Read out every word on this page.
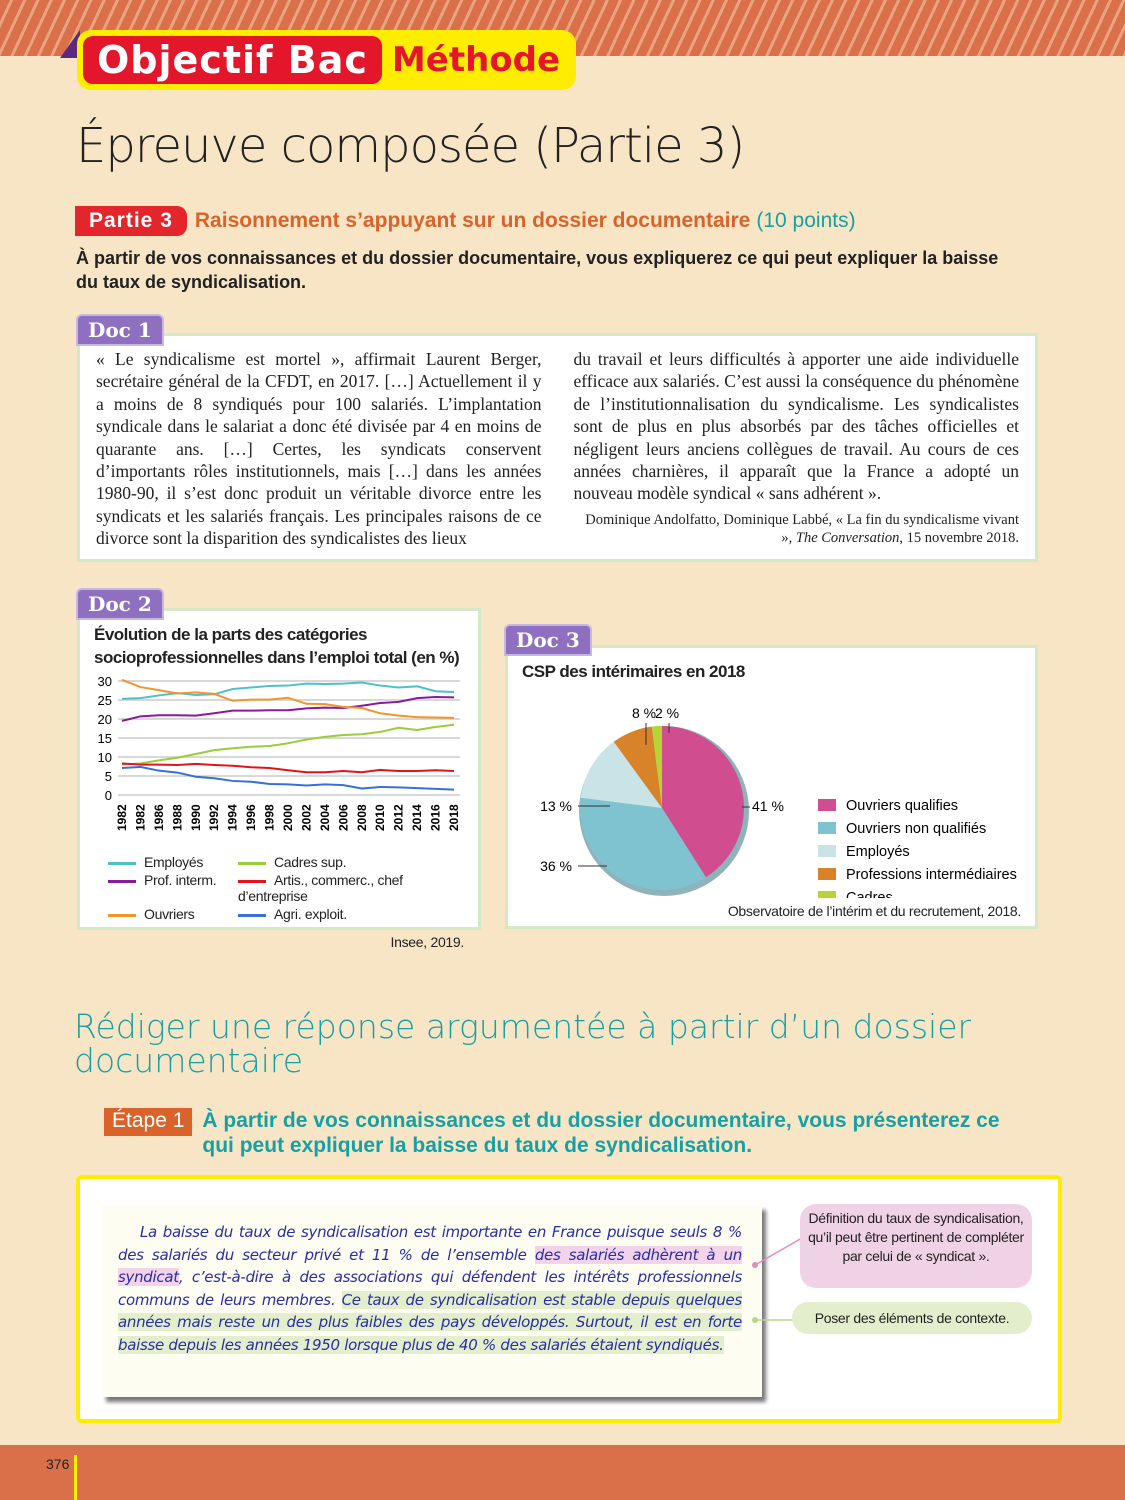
Objectif Bac Méthode
Épreuve composée (Partie 3)
Partie 3	Raisonnement s’appuyant sur un dossier documentaire (10 points)
À partir de vos connaissances et du dossier documentaire, vous expliquerez ce qui peut expliquer la baisse du taux de syndicalisation.
Doc 1
« Le syndicalisme est mortel », affirmait Laurent Berger, secrétaire général de la CFDT, en 2017. […] Actuellement il y a moins de 8 syndiqués pour 100 salariés. L’implantation syndicale dans le salariat a donc été divisée par 4 en moins de quarante ans. […] Certes, les syndicats conservent d’importants rôles institutionnels, mais […] dans les années 1980-90, il s’est donc produit un véritable divorce entre les syndicats et les salariés français. Les principales raisons de ce divorce sont la disparition des syndicalistes des lieux
du travail et leurs difficultés à apporter une aide individuelle efficace aux salariés. C’est aussi la conséquence du phénomène de l’institutionnalisation du syndicalisme. Les syndicalistes sont de plus en plus absorbés par des tâches officielles et négligent leurs anciens collègues de travail. Au cours de ces années charnières, il apparaît que la France a adopté un nouveau modèle syndical « sans adhérent ».
Dominique Andolfatto, Dominique Labbé, « La fin du syndicalisme vivant », The Conversation, 15 novembre 2018.
Doc 2
Évolution de la parts des catégories socioprofessionnelles dans l’emploi total (en %)
0
5
10
15
20
25
30
1982 1982 1986 1988 1990 1992 1994 1996 1998 2000 2002 2004 2006 2008 2010 2012 2014 2016 2018
Employés	Cadres sup.
Prof. interm.	Artis., commerc., chef d’entreprise
Ouvriers	Agri. exploit.
Insee, 2019.
Doc 3
CSP des intérimaires en 2018
41 %	Ouvriers qualifies
36 %
Ouvriers non qualifiés
13 %
Employés
8 %
Professions intermédiaires
2 %
Cadres
Observatoire de l’intérim et du recrutement, 2018.
Rédiger une réponse argumentée à partir d’un dossier documentaire
Étape 1 À partir de vos connaissances et du dossier documentaire, vous présenterez ce qui peut expliquer la baisse du taux de syndicalisation.
  La baisse du taux de syndicalisation est importante en France puisque seuls 8 % des salariés du secteur privé et 11 % de l’ensemble des salariés adhèrent à un syndicat, c’est-à-dire à des associations qui défendent les intérêts professionnels communs de leurs membres. Ce taux de syndicalisation est stable depuis quelques années mais reste un des plus faibles des pays développés. Surtout, il est en forte baisse depuis les années 1950 lorsque plus de 40 % des salariés étaient syndiqués.
Définition du taux de syndicalisation, qu’il peut être pertinent de compléter par celui de « syndicat ».
Poser des éléments de contexte.
376
